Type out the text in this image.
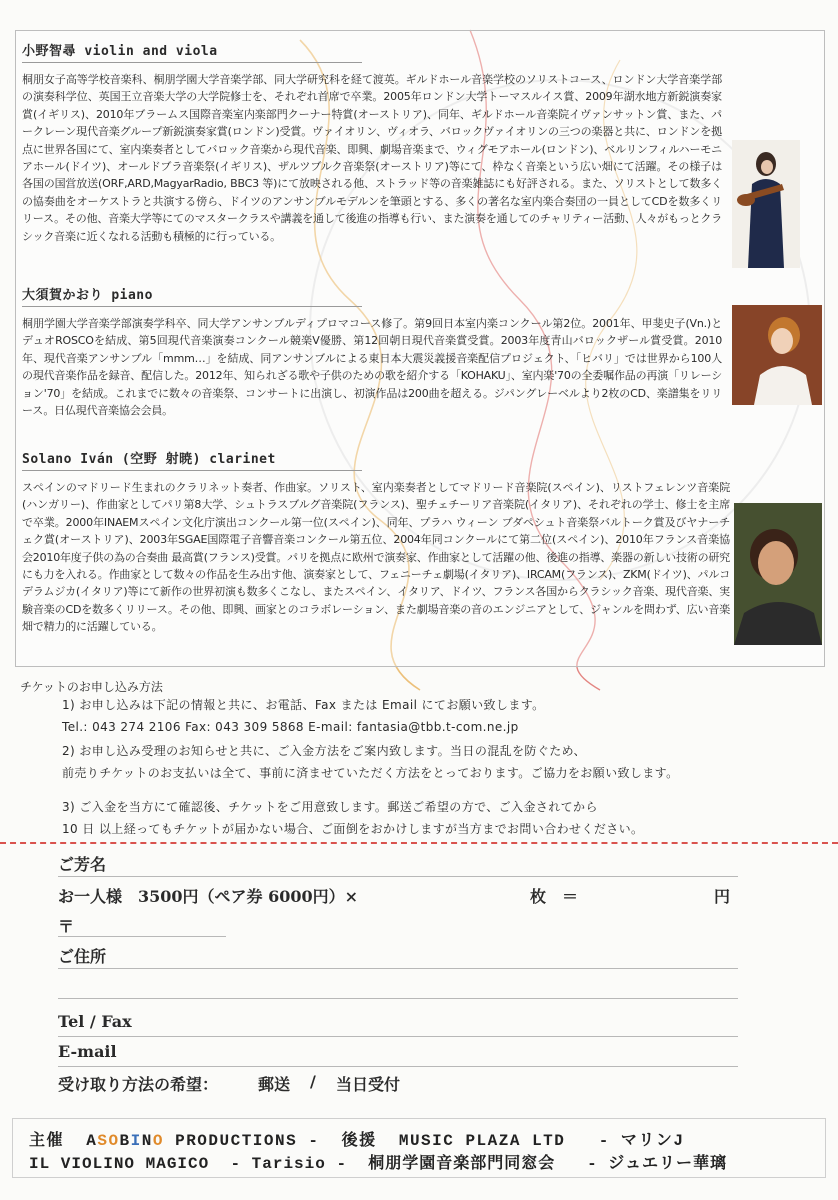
小野智尋 violin and viola

桐朋女子高等学校音楽科、桐朋学園大学音楽学部、同大学研究科を経て渡英。ギルドホール音楽学校のソリストコース、ロンドン大学音楽学部の演奏科学位、英国王立音楽大学の大学院修士を、それぞれ首席で卒業。2005年ロンドン大学トーマスルイス賞、2009年湖水地方新鋭演奏家賞(イギリス)、2010年ブラームス国際音楽室内楽部門クーナー特賞(オーストリア)、同年、ギルドホール音楽院イヴァンサットン賞、また、パークレーン現代音楽グループ新鋭演奏家賞(ロンドン)受賞。ヴァイオリン、ヴィオラ、バロックヴァイオリンの三つの楽器と共に、ロンドンを拠点に世界各国にて、室内楽奏者としてバロック音楽から現代音楽、即興、劇場音楽まで、ウィグモアホール(ロンドン)、ベルリンフィルハーモニアホール(ドイツ)、オールドブラ音楽祭(イギリス)、ザルツブルク音楽祭(オーストリア)等にて、枠なく音楽という広い畑にて活躍。その様子は各国の国営放送(ORF,ARD,MagyarRadio, BBC3 等)にて放映される他、ストラッド等の音楽雑誌にも好評される。また、ソリストとして数多くの協奏曲をオーケストラと共演する傍ら、ドイツのアンサンブルモデルンを筆頭とする、多くの著名な室内楽合奏団の一員としてCDを数多くリリース。その他、音楽大学等にてのマスタークラスや講義を通して後進の指導も行い、また演奏を通してのチャリティー活動、人々がもっとクラシック音楽に近くなれる活動も積極的に行っている。

大須賀かおり piano

桐朋学園大学音楽学部演奏学科卒、同大学アンサンブルディプロマコース修了。第9回日本室内楽コンクール第2位。2001年、甲斐史子(Vn.)とデュオROSCOを結成、第5回現代音楽演奏コンクール競楽V優勝、第12回朝日現代音楽賞受賞。2003年度青山バロックザール賞受賞。2010年、現代音楽アンサンブル「mmm…」を結成、同アンサンブルによる東日本大震災義援音楽配信プロジェクト、「ヒバリ」では世界から100人の現代音楽作品を録音、配信した。2012年、知られざる歌や子供のための歌を紹介する「KOHAKU」、室内楽'70の全委嘱作品の再演「リレーション'70」を結成。これまでに数々の音楽祭、コンサートに出演し、初演作品は200曲を超える。ジパングレーベルより2枚のCD、楽譜集をリリース。日仏現代音楽協会会員。

Solano Iván (空野 射暁) clarinet

スペインのマドリード生まれのクラリネット奏者、作曲家。ソリスト、室内楽奏者としてマドリード音楽院(スペイン)、リストフェレンツ音楽院(ハンガリー)、作曲家としてパリ第8大学、シュトラスブルグ音楽院(フランス)、聖チェチーリア音楽院(イタリア)、それぞれの学士、修士を主席で卒業。2000年INAEMスペイン文化庁演出コンクール第一位(スペイン)、同年、プラハ ウィーン ブダペシュト音楽祭バルトーク賞及びヤナーチェク賞(オーストリア)、2003年SGAE国際電子音響音楽コンクール第五位、2004年同コンクールにて第二位(スペイン)、2010年フランス音楽協会2010年度子供の為の合奏曲 最高賞(フランス)受賞。パリを拠点に欧州で演奏家、作曲家として活躍の他、後進の指導、楽器の新しい技術の研究にも力を入れる。作曲家として数々の作品を生み出す他、演奏家として、フェニーチェ劇場(イタリア)、IRCAM(フランス)、ZKM(ドイツ)、パルコデラムジカ(イタリア)等にて新作の世界初演も数多くこなし、またスペイン、イタリア、ドイツ、フランス各国からクラシック音楽、現代音楽、実験音楽のCDを数多くリリース。その他、即興、画家とのコラボレーション、また劇場音楽の音のエンジニアとして、ジャンルを問わず、広い音楽畑で精力的に活躍している。

チケットのお申し込み方法
1) お申し込みは下記の情報と共に、お電話、Fax または Email にてお願い致します。
Tel.: 043 274 2106 Fax: 043 309 5868 E-mail: fantasia@tbb.t-com.ne.jp
2) お申し込み受理のお知らせと共に、ご入金方法をご案内致します。当日の混乱を防ぐため、
前売りチケットのお支払いは全て、事前に済ませていただく方法をとっております。ご協力をお願い致します。
3) ご入金を当方にて確認後、チケットをご用意致します。郵送ご希望の方で、ご入金されてから
10 日 以上経ってもチケットが届かない場合、ご面倒をおかけしますが当方までお問い合わせください。
ご芳名
お一人様　3500円（ペア券 6000円）×	枚　＝	円
〒
ご住所
Tel / Fax
E-mail
受け取り方法の希望： 郵送 / 当日受付
主催 ASOBINO PRODUCTIONS - 後援 MUSIC PLAZA LTD - マリンJ
IL VIOLINO MAGICO - Tarisio - 桐朋学園音楽部門同窓会 - ジュエリー華璃
